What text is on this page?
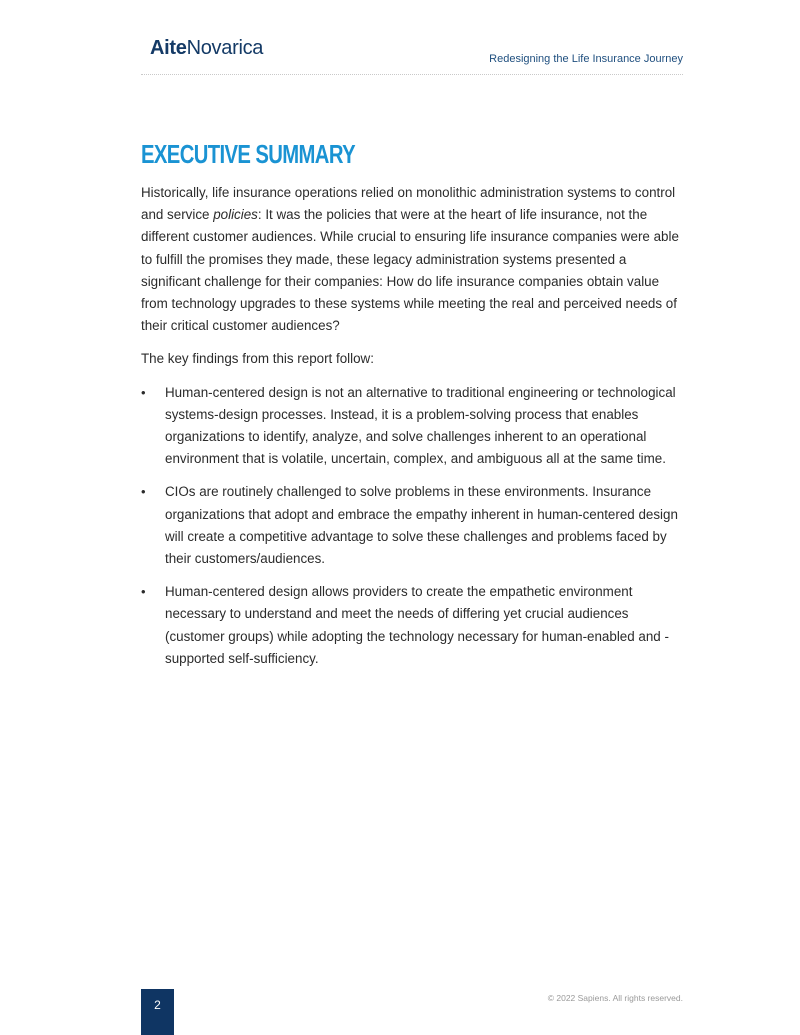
AiteNovarica	Redesigning the Life Insurance Journey
EXECUTIVE SUMMARY

Historically, life insurance operations relied on monolithic administration systems to control and service policies: It was the policies that were at the heart of life insurance, not the different customer audiences. While crucial to ensuring life insurance companies were able to fulfill the promises they made, these legacy administration systems presented a significant challenge for their companies: How do life insurance companies obtain value from technology upgrades to these systems while meeting the real and perceived needs of their critical customer audiences?

The key findings from this report follow:

• Human-centered design is not an alternative to traditional engineering or technological systems-design processes. Instead, it is a problem-solving process that enables organizations to identify, analyze, and solve challenges inherent to an operational environment that is volatile, uncertain, complex, and ambiguous all at the same time.
• CIOs are routinely challenged to solve problems in these environments. Insurance organizations that adopt and embrace the empathy inherent in human-centered design will create a competitive advantage to solve these challenges and problems faced by their customers/audiences.
• Human-centered design allows providers to create the empathetic environment necessary to understand and meet the needs of differing yet crucial audiences (customer groups) while adopting the technology necessary for human-enabled and -supported self-sufficiency.
2	© 2022 Sapiens. All rights reserved.
